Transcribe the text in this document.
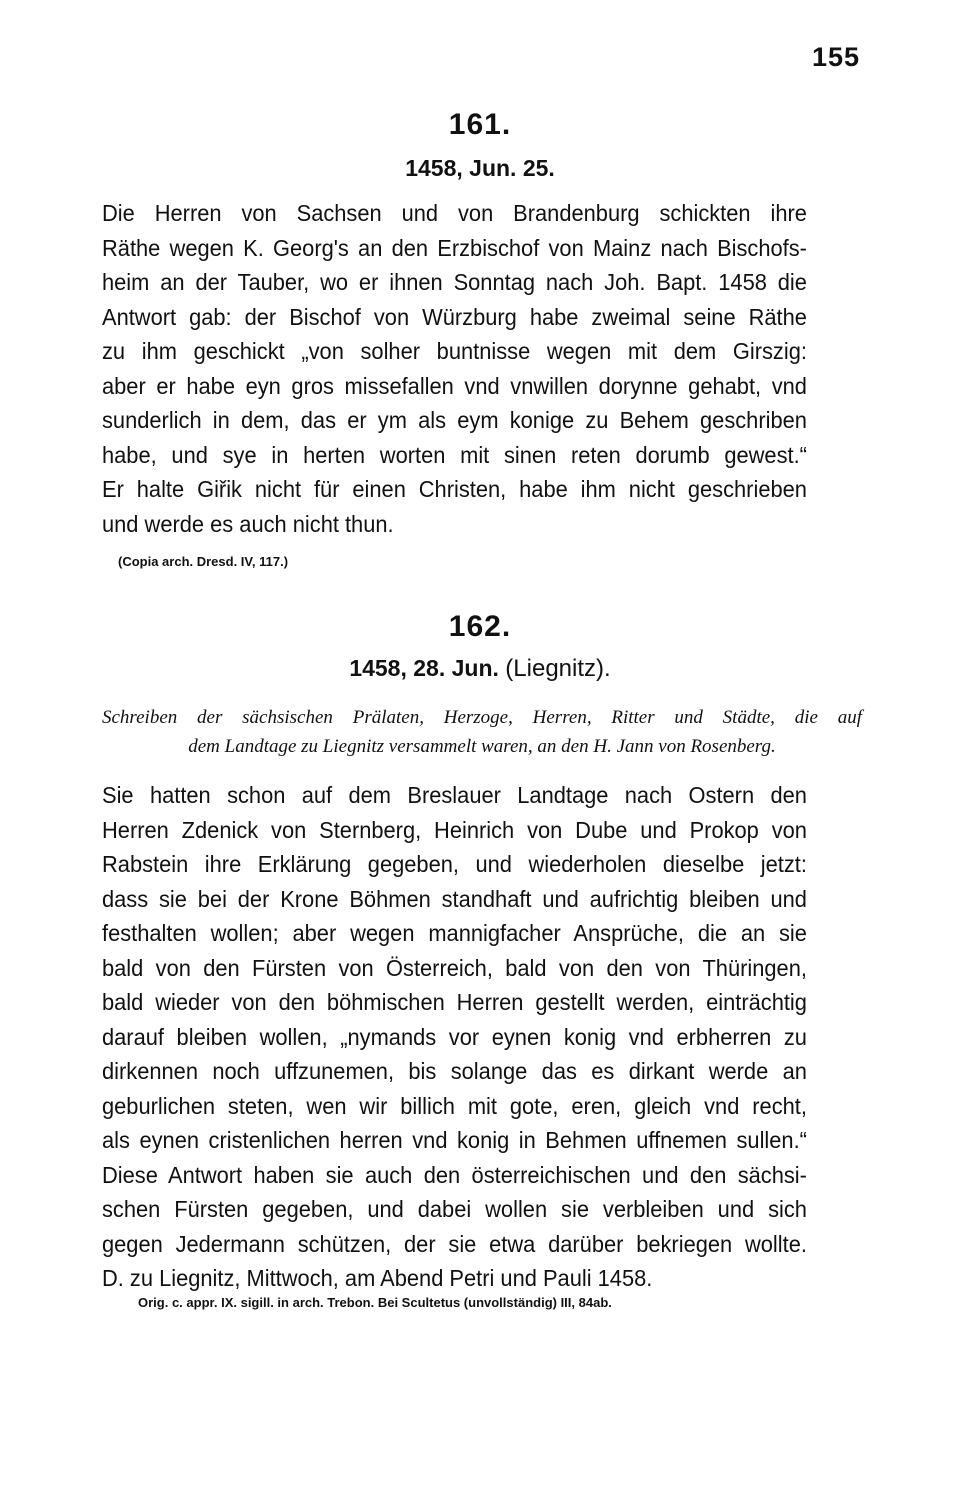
155
161.
1458, Jun. 25.
Die Herren von Sachsen und von Brandenburg schickten ihre
Räthe wegen K. Georg's an den Erzbischof von Mainz nach Bischofs-
heim an der Tauber, wo er ihnen Sonntag nach Joh. Bapt. 1458 die
Antwort gab: der Bischof von Würzburg habe zweimal seine Räthe
zu ihm geschickt „von solher buntnisse wegen mit dem Girszig:
aber er habe eyn gros missefallen vnd vnwillen dorynne gehabt, vnd
sunderlich in dem, das er ym als eym konige zu Behem geschriben
habe, und sye in herten worten mit sinen reten dorumb gewest.“
Er halte Giřik nicht für einen Christen, habe ihm nicht geschrieben
und werde es auch nicht thun.
(Copia arch. Dresd. IV, 117.)
162.
1458, 28. Jun. (Liegnitz).
Schreiben der sächsischen Prälaten, Herzoge, Herren, Ritter und Städte, die auf
dem Landtage zu Liegnitz versammelt waren, an den H. Jann von Rosenberg.
Sie hatten schon auf dem Breslauer Landtage nach Ostern den
Herren Zdenick von Sternberg, Heinrich von Dube und Prokop von
Rabstein ihre Erklärung gegeben, und wiederholen dieselbe jetzt:
dass sie bei der Krone Böhmen standhaft und aufrichtig bleiben und
festhalten wollen; aber wegen mannigfacher Ansprüche, die an sie
bald von den Fürsten von Österreich, bald von den von Thüringen,
bald wieder von den böhmischen Herren gestellt werden, einträchtig
darauf bleiben wollen, „nymands vor eynen konig vnd erbherren zu
dirkennen noch uffzunemen, bis solange das es dirkant werde an
geburlichen steten, wen wir billich mit gote, eren, gleich vnd recht,
als eynen cristenlichen herren vnd konig in Behmen uffnemen sullen.“
Diese Antwort haben sie auch den österreichischen und den sächsi-
schen Fürsten gegeben, und dabei wollen sie verbleiben und sich
gegen Jedermann schützen, der sie etwa darüber bekriegen wollte.
D. zu Liegnitz, Mittwoch, am Abend Petri und Pauli 1458.
Orig. c. appr. IX. sigill. in arch. Trebon. Bei Scultetus (unvollständig) III, 84ab.
